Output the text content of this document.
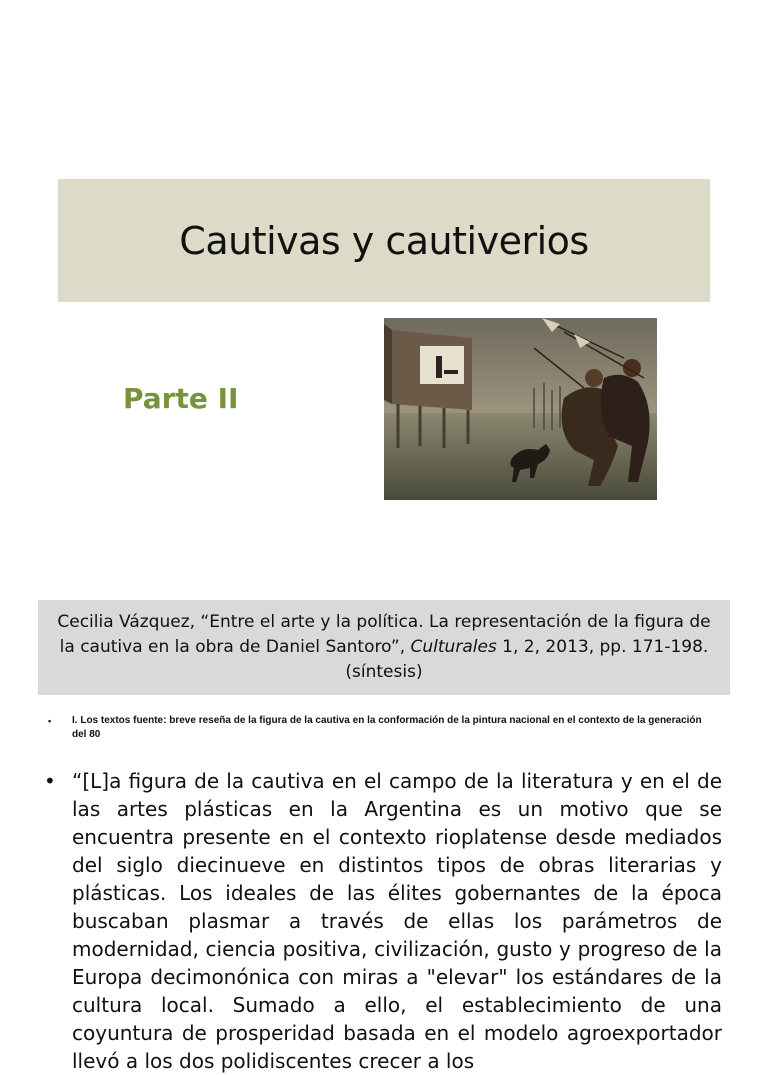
Cautivas y cautiverios
Parte II
Cecilia Vázquez, “Entre el arte y la política. La representación de la figura de la cautiva en la obra de Daniel Santoro”, Culturales 1, 2, 2013, pp. 171-198.
(síntesis)
•	I. Los textos fuente: breve reseña de la figura de la cautiva en la conformación de la pintura nacional en el contexto de la generación del 80
• “[L]a figura de la cautiva en el campo de la literatura y en el de las artes plásticas en la Argentina es un motivo que se encuentra presente en el contexto rioplatense desde mediados del siglo diecinueve en distintos tipos de obras literarias y plásticas. Los ideales de las élites gobernantes de la época buscaban plasmar a través de ellas los parámetros de modernidad, ciencia positiva, civilización, gusto y progreso de la Europa decimonónica con miras a "elevar" los estándares de la cultura local. Sumado a ello, el establecimiento de una coyuntura de prosperidad basada en el modelo agroexportador llevó a los dos polidiscentes crecer a los
